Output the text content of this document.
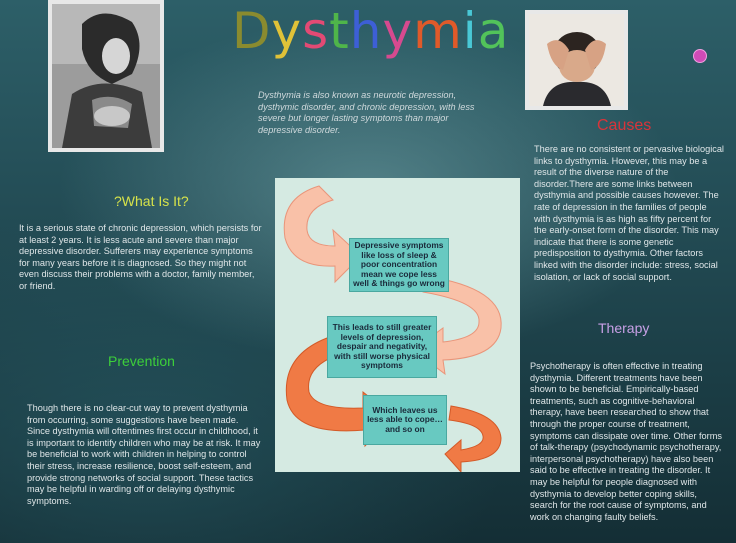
Dysthymia
Dysthymia is also known as neurotic depression, dysthymic disorder, and chronic depression, with less severe but longer lasting symptoms than major depressive disorder.
?What Is It?
It is a serious state of chronic depression, which persists for at least 2 years. It is less acute and severe than major depressive disorder. Sufferers may experience symptoms for many years before it is diagnosed. So they might not even discuss their problems with a doctor, family member, or friend.
Causes
There are no consistent or pervasive biological links to dysthymia. However, this may be a result of the diverse nature of the disorder.There are some links between dysthymia and possible causes however. The rate of depression in the families of people with dysthymia is as high as fifty percent for the early-onset form of the disorder. This may indicate that there is some genetic predisposition to dysthymia. Other factors linked with the disorder include: stress, social isolation, or lack of social support.
Therapy
Psychotherapy is often effective in treating dysthymia. Different treatments have been shown to be beneficial. Empirically-based treatments, such as cognitive-behavioral therapy, have been researched to show that through the proper course of treatment, symptoms can dissipate over time. Other forms of talk-therapy (psychodynamic psychotherapy, interpersonal psychotherapy) have also been said to be effective in treating the disorder. It may be helpful for people diagnosed with dysthymia to develop better coping skills, search for the root cause of symptoms, and work on changing faulty beliefs.
Prevention
Though there is no clear-cut way to prevent dysthymia from occurring, some suggestions have been made. Since dysthymia will oftentimes first occur in childhood, it is important to identify children who may be at risk. It may be beneficial to work with children in helping to control their stress, increase resilience, boost self-esteem, and provide strong networks of social support. These tactics may be helpful in warding off or delaying dysthymic symptoms.
Depressive symptoms like loss of sleep & poor concentration mean we cope less well & things go wrong
This leads to still greater levels of depression, despair and negativity, with still worse physical symptoms
Which leaves us less able to cope… and so on
